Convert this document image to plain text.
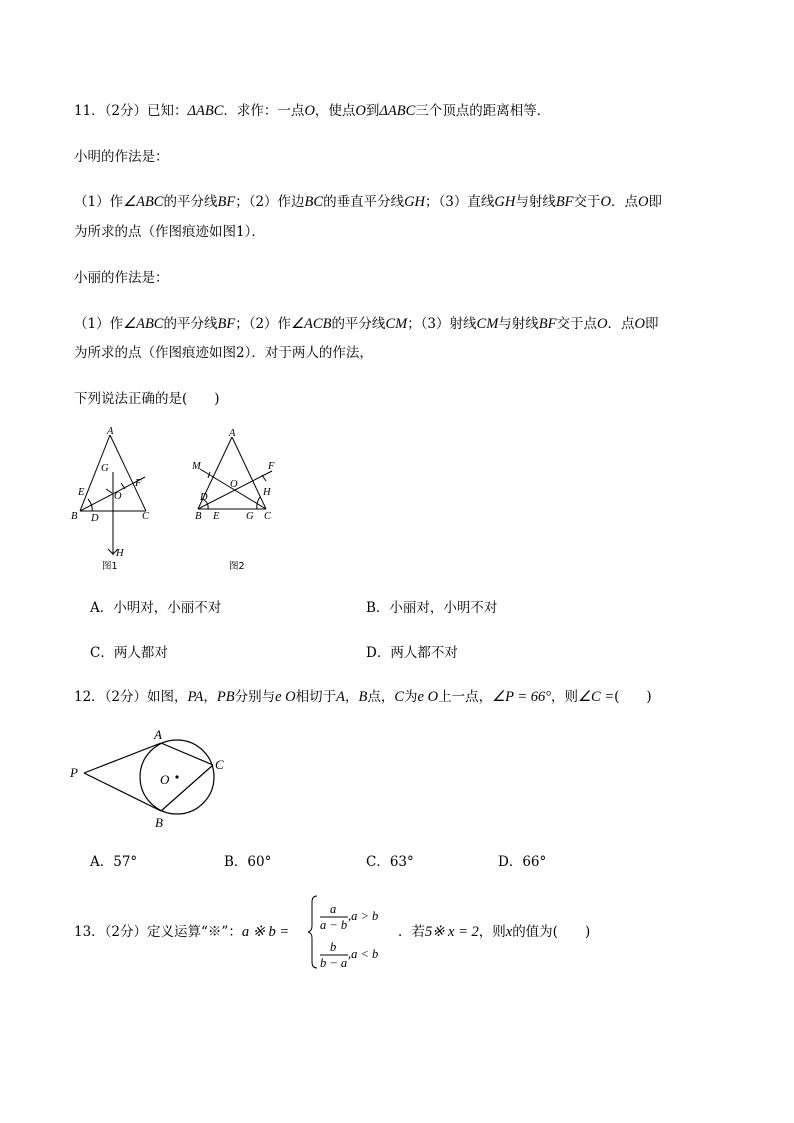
11．（2分）已知：ΔABC．求作：一点O，使点O到ΔABC三个顶点的距离相等．
小明的作法是：
（1）作∠ABC的平分线BF；（2）作边BC的垂直平分线GH；（3）直线GH与射线BF交于O．点O即
为所求的点（作图痕迹如图1）．
小丽的作法是：
（1）作∠ABC的平分线BF；（2）作∠ACB的平分线CM；（3）射线CM与射线BF交于点O．点O即
为所求的点（作图痕迹如图2）．对于两人的作法，
下列说法正确的是(　　)
A
G
E	O
F
B D	C
H
图1
A
M	F
O
D	H
B E	G C
图2
A．小明对，小丽不对	B．小丽对，小明不对
C．两人都对	D．两人都不对
12．（2分）如图，PA，PB分别与e O相切于A，B点，C为e O上一点，∠P = 66°，则∠C =(　　)
A
P	O
C
B
A．57°	B．60°	C．63°	D．66°
13．（2分）定义运算“※”：a ※ b =
a
a − b
,a > b
b
b − a
,a < b
．若5※ x = 2，则x的值为(　　)
